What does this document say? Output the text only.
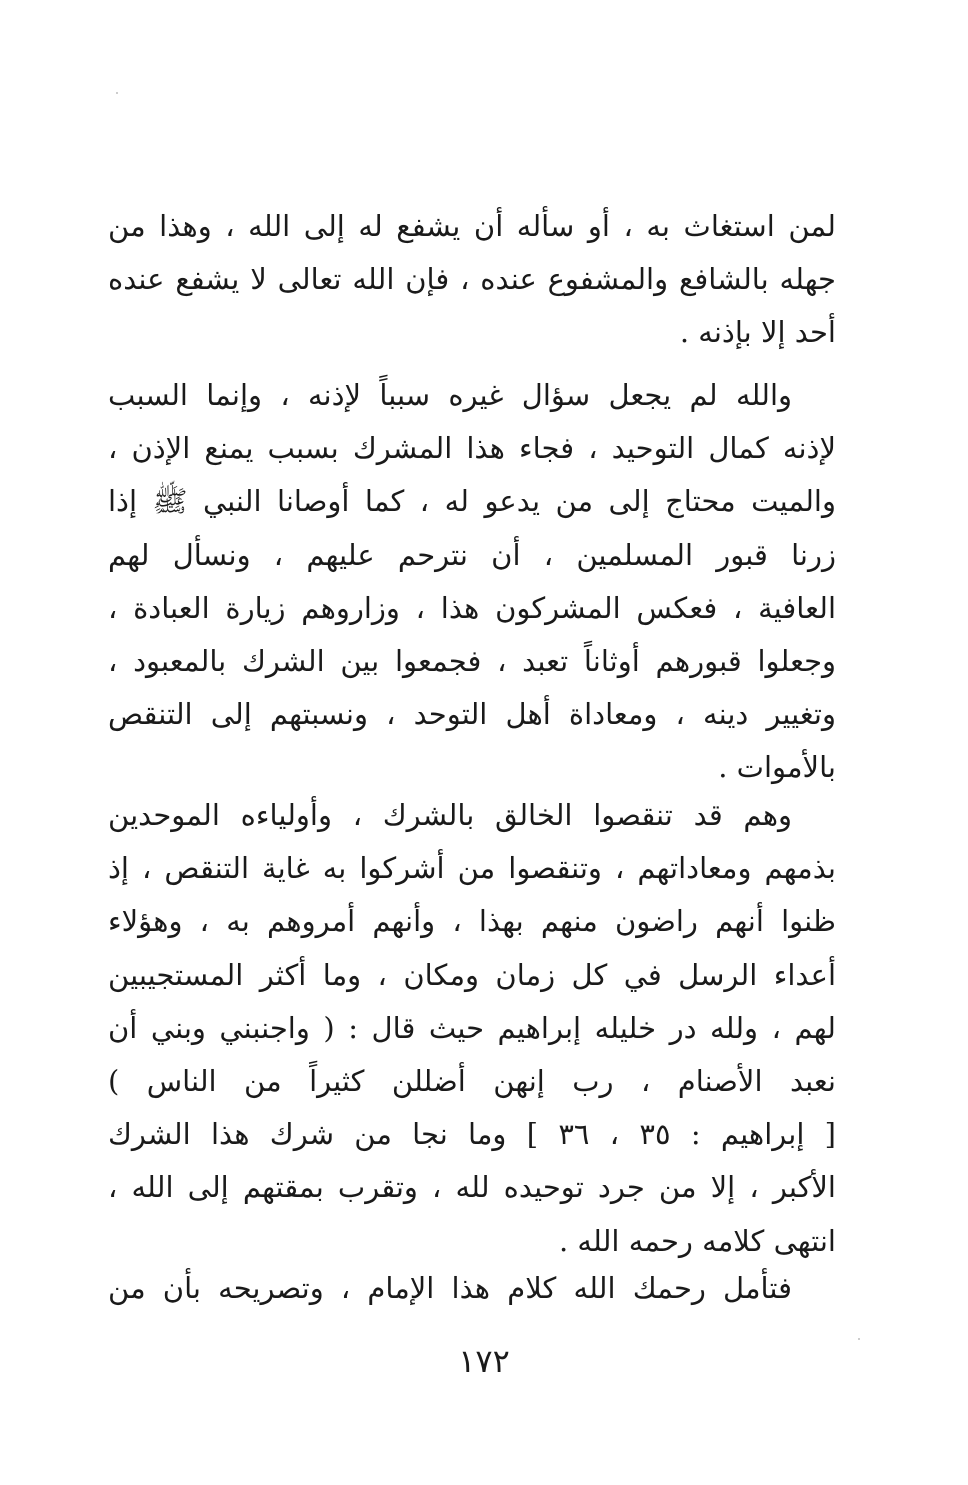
لمن استغاث به ، أو سأله أن يشفع له إلى الله ، وهذا من
جهله بالشافع والمشفوع عنده ، فإن الله تعالى لا يشفع عنده
أحد إلا بإذنه .
والله لم يجعل سؤال غيره سبباً لإذنه ، وإنما السبب
لإذنه كمال التوحيد ، فجاء هذا المشرك بسبب يمنع الإذن ،
والميت محتاج إلى من يدعو له ، كما أوصانا النبي ﷺ إذا
زرنا قبور المسلمين ، أن نترحم عليهم ، ونسأل لهم
العافية ، فعكس المشركون هذا ، وزاروهم زيارة العبادة ،
وجعلوا قبورهم أوثاناً تعبد ، فجمعوا بين الشرك بالمعبود ،
وتغيير دينه ، ومعاداة أهل التوحد ، ونسبتهم إلى التنقص
بالأموات .
وهم قد تنقصوا الخالق بالشرك ، وأولياءه الموحدين
بذمهم ومعاداتهم ، وتنقصوا من أشركوا به غاية التنقص ، إذ
ظنوا أنهم راضون منهم بهذا ، وأنهم أمروهم به ، وهؤلاء
أعداء الرسل في كل زمان ومكان ، وما أكثر المستجيبين
لهم ، ولله در خليله إبراهيم حيث قال : ( واجنبني وبني أن
نعبد الأصنام ، رب إنهن أضللن كثيراً من الناس )
[ إبراهيم : ٣٥ ، ٣٦ ] وما نجا من شرك هذا الشرك
الأكبر ، إلا من جرد توحيده لله ، وتقرب بمقتهم إلى الله ،
انتهى كلامه رحمه الله .
فتأمل رحمك الله كلام هذا الإمام ، وتصريحه بأن من
١٧٢
